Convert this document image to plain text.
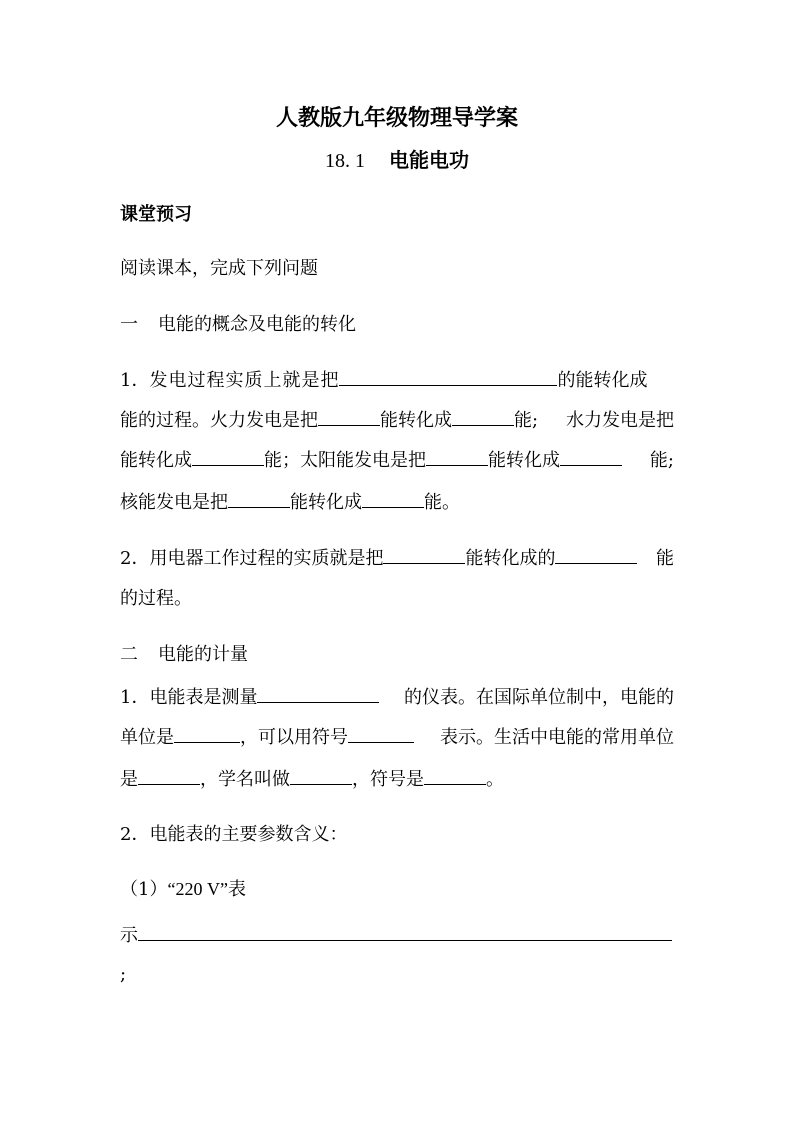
人教版九年级物理导学案
18. 1 电能电功
课堂预习
阅读课本，完成下列问题
一 电能的概念及电能的转化
1．发电过程实质上就是把	的能转化成
能的过程。火力发电是把	能转化成	能; 水力发电是把
能转化成	能；太阳能发电是把	能转化成	能;
核能发电是把	能转化成	能。
2．用电器工作过程的实质就是把	能转化成的	能
的过程。
二 电能的计量
1．电能表是测量	的仪表。在国际单位制中，电能的
单位是	，可以用符号	表示。生活中电能的常用单位
是	，学名叫做	，符号是	。
2．电能表的主要参数含义：
（1）“220 V”表
示
;
